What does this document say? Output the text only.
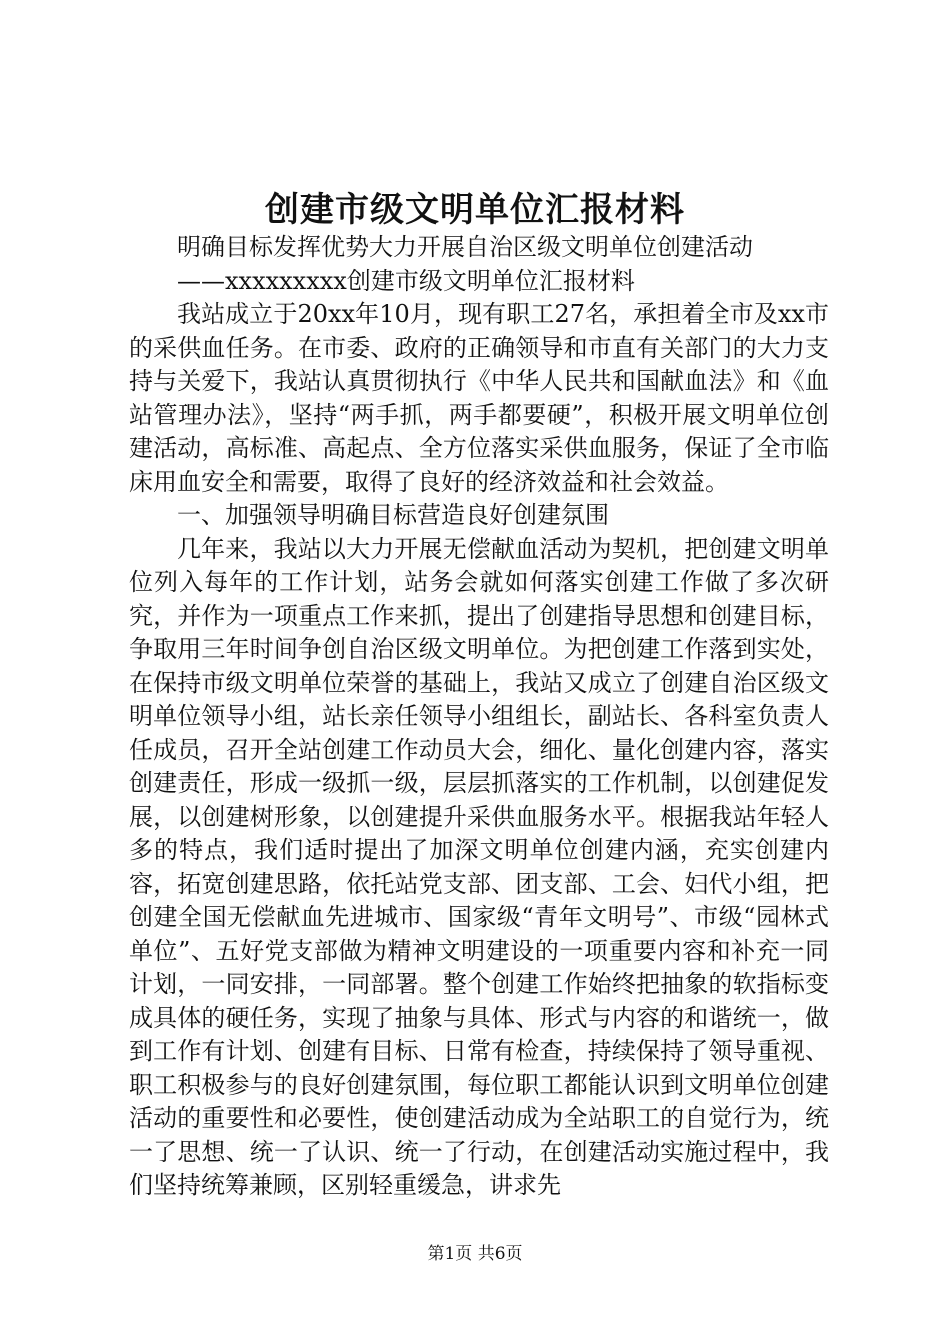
创建市级文明单位汇报材料

明确目标发挥优势大力开展自治区级文明单位创建活动

——xxxxxxxxx创建市级文明单位汇报材料

我站成立于20xx年10月，现有职工27名，承担着全市及xx市的采供血任务。在市委、政府的正确领导和市直有关部门的大力支持与关爱下，我站认真贯彻执行《中华人民共和国献血法》和《血站管理办法》，坚持“两手抓，两手都要硬”，积极开展文明单位创建活动，高标准、高起点、全方位落实采供血服务，保证了全市临床用血安全和需要，取得了良好的经济效益和社会效益。

一、加强领导明确目标营造良好创建氛围

几年来，我站以大力开展无偿献血活动为契机，把创建文明单位列入每年的工作计划，站务会就如何落实创建工作做了多次研究，并作为一项重点工作来抓，提出了创建指导思想和创建目标，争取用三年时间争创自治区级文明单位。为把创建工作落到实处，在保持市级文明单位荣誉的基础上，我站又成立了创建自治区级文明单位领导小组，站长亲任领导小组组长，副站长、各科室负责人任成员，召开全站创建工作动员大会，细化、量化创建内容，落实创建责任，形成一级抓一级，层层抓落实的工作机制，以创建促发展，以创建树形象，以创建提升采供血服务水平。根据我站年轻人多的特点，我们适时提出了加深文明单位创建内涵，充实创建内容，拓宽创建思路，依托站党支部、团支部、工会、妇代小组，把创建全国无偿献血先进城市、国家级“青年文明号”、市级“园林式单位”、五好党支部做为精神文明建设的一项重要内容和补充一同计划，一同安排，一同部署。整个创建工作始终把抽象的软指标变成具体的硬任务，实现了抽象与具体、形式与内容的和谐统一，做到工作有计划、创建有目标、日常有检查，持续保持了领导重视、职工积极参与的良好创建氛围，每位职工都能认识到文明单位创建活动的重要性和必要性，使创建活动成为全站职工的自觉行为，统一了思想、统一了认识、统一了行动，在创建活动实施过程中，我们坚持统筹兼顾，区别轻重缓急，讲求先

第1页 共6页
